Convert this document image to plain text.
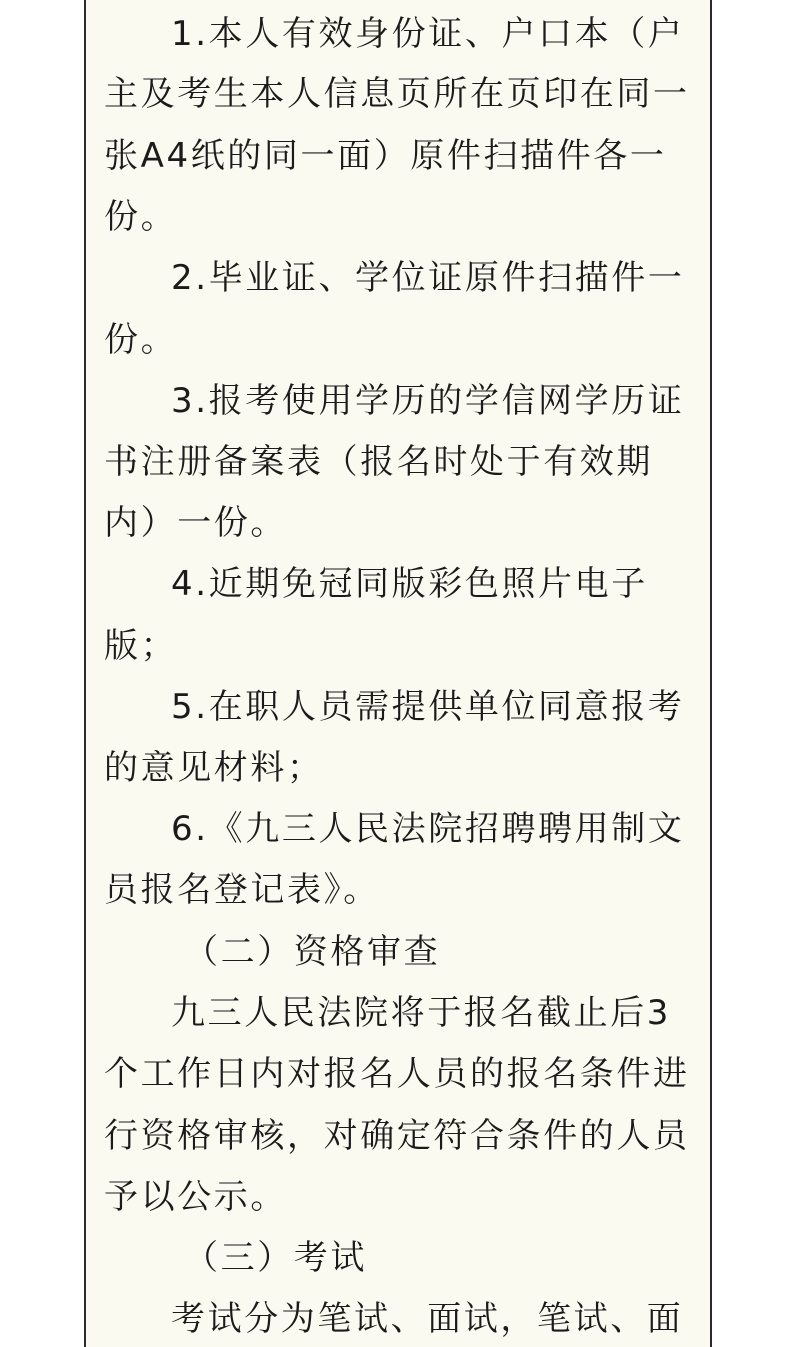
1.本人有效身份证、户口本（户

主及考生本人信息页所在页印在同一

张A4纸的同一面）原件扫描件各一

份。

2.毕业证、学位证原件扫描件一

份。

3.报考使用学历的学信网学历证

书注册备案表（报名时处于有效期

内）一份。

4.近期免冠同版彩色照片电子

版；

5.在职人员需提供单位同意报考

的意见材料；

6.《九三人民法院招聘聘用制文

员报名登记表》。

（二）资格审查

九三人民法院将于报名截止后3

个工作日内对报名人员的报名条件进

行资格审核，对确定符合条件的人员

予以公示。

（三）考试

考试分为笔试、面试，笔试、面
